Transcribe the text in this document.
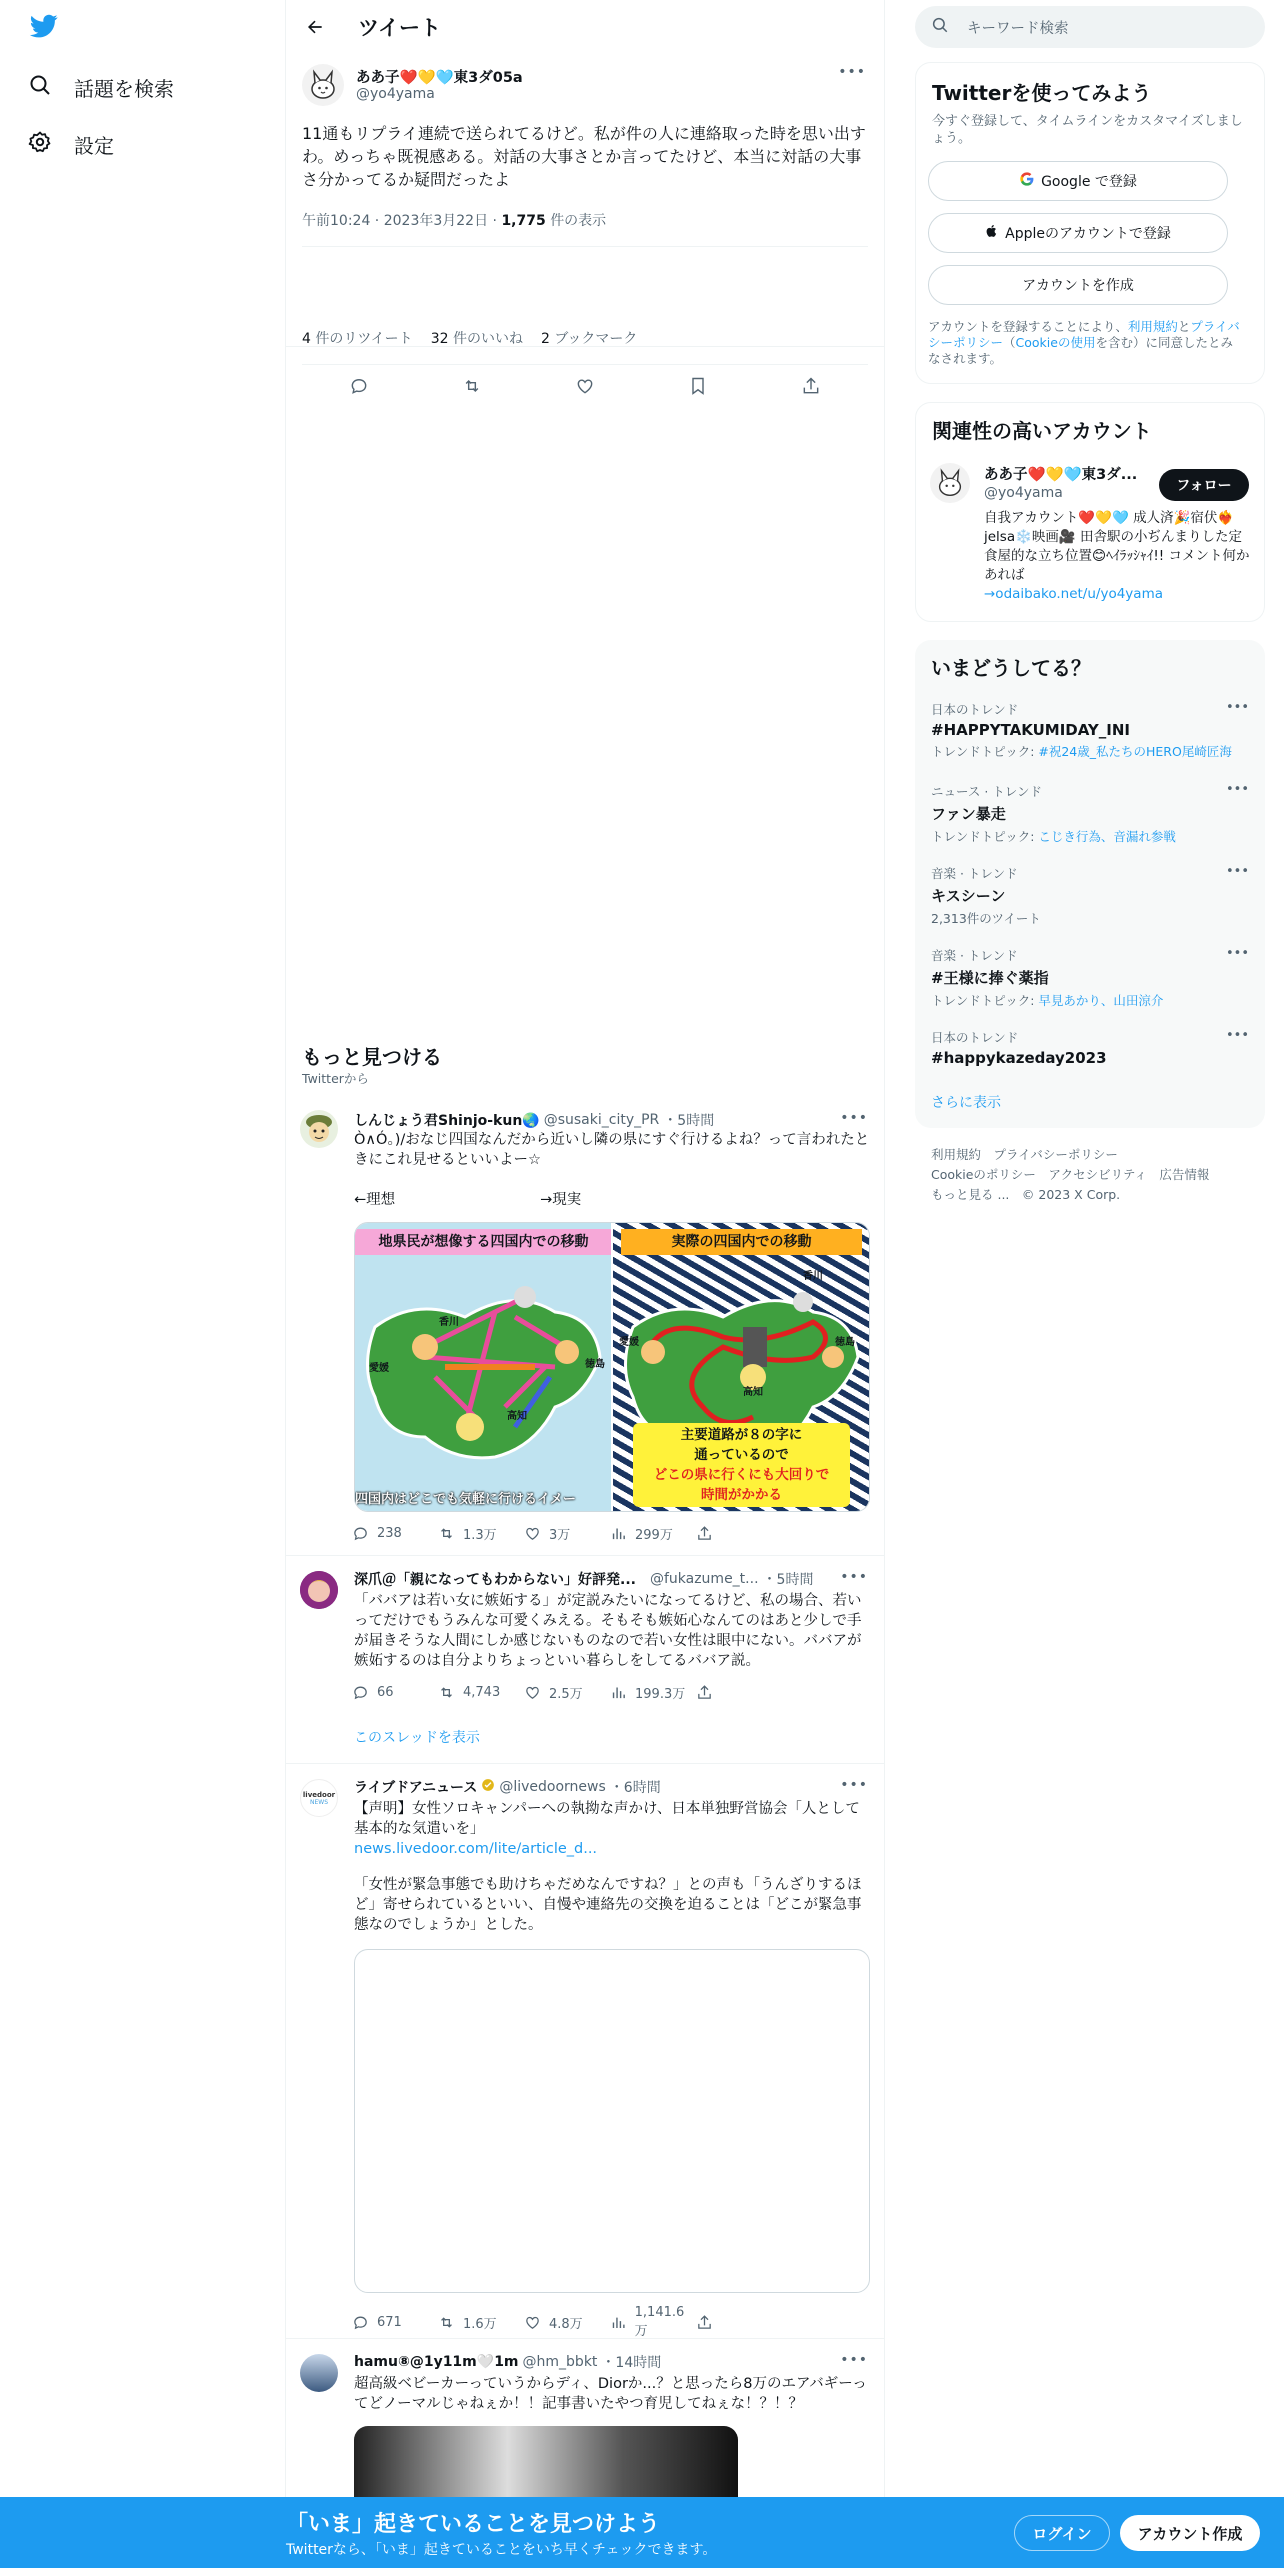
話題を検索
設定
ツイート
ああ子❤️💛🩵東3ダ05a
@yo4yama
•••
11通もリプライ連続で送られてるけど。私が件の人に連絡取った時を思い出すわ。めっちゃ既視感ある。対話の大事さとか言ってたけど、本当に対話の大事さ分かってるか疑問だったよ
午前10:24 · 2023年3月22日 · 1,775 件の表示
4 件のリツイート 32 件のいいね 2 ブックマーク
もっと見つける
Twitterから
しんじょう君Shinjo-kun🌏 @susaki_city_PR ・5時間	•••
Ò∧Ó。)/おなじ四国なんだから近いし隣の県にすぐ行けるよね？って言われたときにこれ見せるといいよー☆

←理想　　　　　　　　　　→現実
地県民が想像する四国内での移動
香川
愛媛	徳島
高知
四国内はどこでも気軽に行けるイメー
実際の四国内での移動
香川
愛媛	徳島
高知
主要道路が８の字に
通っているので
どこの県に行くにも大回りで
時間がかかる
238	1.3万	3万	299万
深爪＠「親になってもわからない」好評発... @fukazume_t... ・5時間 •••
「ババアは若い女に嫉妬する」が定説みたいになってるけど、私の場合、若いってだけでもうみんな可愛くみえる。そもそも嫉妬心なんてのはあと少しで手が届きそうな人間にしか感じないものなので若い女性は眼中にない。ババアが嫉妬するのは自分よりちょっといい暮らしをしてるババア説。
66	4,743	2.5万	199.3万
このスレッドを表示
livedoor
NEWS
ライブドアニュース @livedoornews ・6時間	•••
【声明】女性ソロキャンパーへの執拗な声かけ、日本単独野営協会「人として基本的な気遣いを」
news.livedoor.com/lite/article_d...
「女性が緊急事態でも助けちゃだめなんですね？」との声も「うんざりするほど」寄せられているといい、自慢や連絡先の交換を迫ることは「どこが緊急事態なのでしょうか」とした。
671	1.6万	4.8万
1,141.6万
hamu⑧@1y11m🤍1m @hm_bbkt ・14時間	•••
超高級ベビーカーっていうからディ、Diorか...？と思ったら8万のエアバギーってどノーマルじゃねぇか！！記事書いたやつ育児してねぇな！？！？
キーワード検索
Twitterを使ってみよう
今すぐ登録して、タイムラインをカスタマイズしましょう。
Google で登録
Appleのアカウントで登録
アカウントを作成
アカウントを登録することにより、利用規約とプライバシーポリシー（Cookieの使用を含む）に同意したとみなされます。
関連性の高いアカウント
ああ子❤️💛🩵東3ダ...
@yo4yama	フォロー
自我アカウント❤️💛🩵 成人済🎉宿伏❤️‍🔥jelsa❄️映画🎥 田舎駅の小ぢんまりした定食屋的な立ち位置😊ﾍｲﾗｯｼｬｲ!! コメント何かあれば
→odaibako.net/u/yo4yama
いまどうしてる？
日本のトレンド
#HAPPYTAKUMIDAY_INI
トレンドトピック: #祝24歳_私たちのHERO尾崎匠海
•••
ニュース · トレンド
ファン暴走
トレンドトピック: こじき行為、音漏れ参戦
•••
音楽 · トレンド
キスシーン
2,313件のツイート
•••
音楽 · トレンド
#王様に捧ぐ薬指
トレンドトピック: 早見あかり、山田涼介
•••
日本のトレンド
#happykazeday2023
•••
さらに表示
利用規約　 プライバシーポリシー
Cookieのポリシー　 アクセシビリティ　 広告情報
もっと見る ...　 © 2023 X Corp.
「いま」起きていることを見つけよう
Twitterなら、「いま」起きていることをいち早くチェックできます。
ログイン	アカウント作成
